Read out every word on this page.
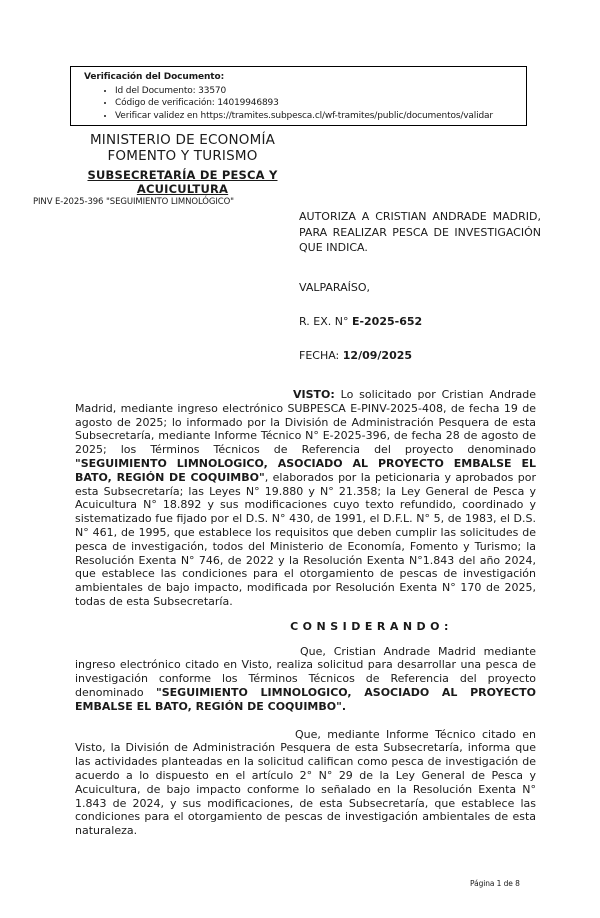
Verificación del Documento:
• Id del Documento: 33570
• Código de verificación: 14019946893
• Verificar validez en https://tramites.subpesca.cl/wf-tramites/public/documentos/validar
MINISTERIO DE ECONOMÍA
FOMENTO Y TURISMO
SUBSECRETARÍA DE PESCA Y
ACUICULTURA
PINV E-2025-396 "SEGUIMIENTO LIMNOLÓGICO"
AUTORIZA A CRISTIAN ANDRADE MADRID, PARA REALIZAR PESCA DE INVESTIGACIÓN QUE INDICA.
VALPARAÍSO,
R. EX. N° E-2025-652
FECHA: 12/09/2025

VISTO: Lo solicitado por Cristian Andrade Madrid, mediante ingreso electrónico SUBPESCA E-PINV-2025-408, de fecha 19 de agosto de 2025; lo informado por la División de Administración Pesquera de esta Subsecretaría, mediante Informe Técnico N° E-2025-396, de fecha 28 de agosto de 2025; los Términos Técnicos de Referencia del proyecto denominado "SEGUIMIENTO LIMNOLOGICO, ASOCIADO AL PROYECTO EMBALSE EL BATO, REGIÓN DE COQUIMBO", elaborados por la peticionaria y aprobados por esta Subsecretaría; las Leyes N° 19.880 y N° 21.358; la Ley General de Pesca y Acuicultura N° 18.892 y sus modificaciones cuyo texto refundido, coordinado y sistematizado fue fijado por el D.S. N° 430, de 1991, el D.F.L. N° 5, de 1983, el D.S. N° 461, de 1995, que establece los requisitos que deben cumplir las solicitudes de pesca de investigación, todos del Ministerio de Economía, Fomento y Turismo; la Resolución Exenta N° 746, de 2022 y la Resolución Exenta N°1.843 del año 2024, que establece las condiciones para el otorgamiento de pescas de investigación ambientales de bajo impacto, modificada por Resolución Exenta N° 170 de 2025, todas de esta Subsecretaría.

CONSIDERANDO:

Que, Cristian Andrade Madrid mediante ingreso electrónico citado en Visto, realiza solicitud para desarrollar una pesca de investigación conforme los Términos Técnicos de Referencia del proyecto denominado "SEGUIMIENTO LIMNOLOGICO, ASOCIADO AL PROYECTO EMBALSE EL BATO, REGIÓN DE COQUIMBO".

Que, mediante Informe Técnico citado en Visto, la División de Administración Pesquera de esta Subsecretaría, informa que las actividades planteadas en la solicitud califican como pesca de investigación de acuerdo a lo dispuesto en el artículo 2° N° 29 de la Ley General de Pesca y Acuicultura, de bajo impacto conforme lo señalado en la Resolución Exenta N° 1.843 de 2024, y sus modificaciones, de esta Subsecretaría, que establece las condiciones para el otorgamiento de pescas de investigación ambientales de esta naturaleza.

Página 1 de 8
